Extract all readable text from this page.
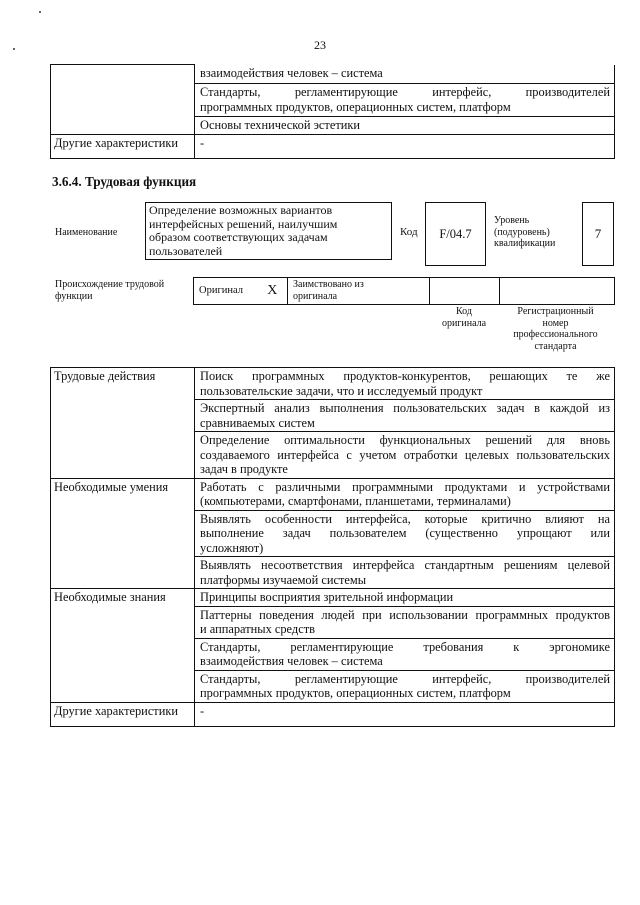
23

	взаимодействия человек – система

	Стандарты, регламентирующие интерфейс, производителей
программных продуктов, операционных систем, платформ

	Основы технической эстетики

Другие характеристики	-
3.6.4. Трудовая функция
Наименование
Определение возможных вариантов
интерфейсных решений, наилучшим
образом соответствующих задачам
пользователей
Код	F/04.7
Уровень
(подуровень)
квалификации
7
Происхождение трудовой
функции
Оригинал	X	Заимствовано из
оригинала

Код
оригинала
Регистрационный
номер
профессионального
стандарта
Трудовые действия	Поиск программных продуктов-конкурентов, решающих те же
пользовательские задачи, что и исследуемый продукт

	Экспертный анализ выполнения пользовательских задач в каждой из
сравниваемых систем

	Определение оптимальности функциональных решений для вновь
создаваемого интерфейса с учетом отработки целевых пользовательских
задач в продукте

Необходимые умения	Работать с различными программными продуктами и устройствами
(компьютерами, смартфонами, планшетами, терминалами)

	Выявлять особенности интерфейса, которые критично влияют на
выполнение задач пользователем (существенно упрощают или
усложняют)

	Выявлять несоответствия интерфейса стандартным решениям целевой
платформы изучаемой системы

Необходимые знания	Принципы восприятия зрительной информации

	Паттерны поведения людей при использовании программных продуктов
и аппаратных средств

	Стандарты, регламентирующие требования к эргономике
взаимодействия человек – система

	Стандарты, регламентирующие интерфейс, производителей
программных продуктов, операционных систем, платформ

Другие характеристики	-
